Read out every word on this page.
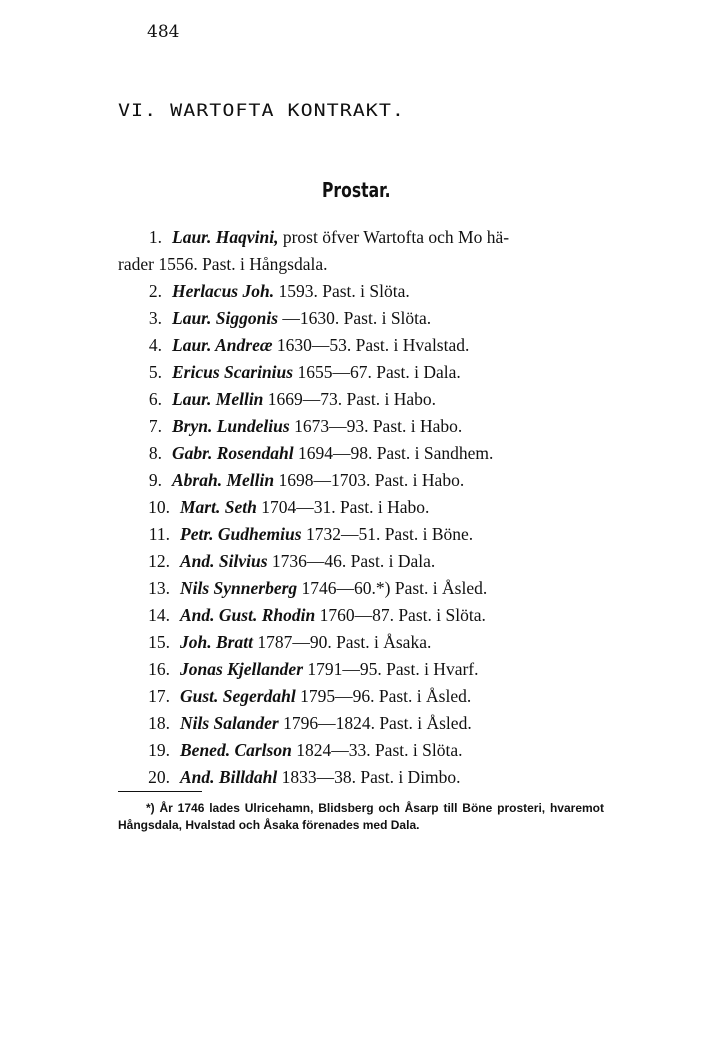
484
VI. WARTOFTA KONTRAKT.
Prostar.
1. Laur. Haqvini, prost öfver Wartofta och Mo hä-
rader 1556. Past. i Hångsdala.
2. Herlacus Joh. 1593. Past. i Slöta.
3. Laur. Siggonis —1630. Past. i Slöta.
4. Laur. Andreæ 1630—53. Past. i Hvalstad.
5. Ericus Scarinius 1655—67. Past. i Dala.
6. Laur. Mellin 1669—73. Past. i Habo.
7. Bryn. Lundelius 1673—93. Past. i Habo.
8. Gabr. Rosendahl 1694—98. Past. i Sandhem.
9. Abrah. Mellin 1698—1703. Past. i Habo.
10. Mart. Seth 1704—31. Past. i Habo.
11. Petr. Gudhemius 1732—51. Past. i Böne.
12. And. Silvius 1736—46. Past. i Dala.
13. Nils Synnerberg 1746—60.*) Past. i Åsled.
14. And. Gust. Rhodin 1760—87. Past. i Slöta.
15. Joh. Bratt 1787—90. Past. i Åsaka.
16. Jonas Kjellander 1791—95. Past. i Hvarf.
17. Gust. Segerdahl 1795—96. Past. i Åsled.
18. Nils Salander 1796—1824. Past. i Åsled.
19. Bened. Carlson 1824—33. Past. i Slöta.
20. And. Billdahl 1833—38. Past. i Dimbo.
*) År 1746 lades Ulricehamn, Blidsberg och Åsarp till Böne prosteri, hvaremot Hångsdala, Hvalstad och Åsaka förenades med Dala.
